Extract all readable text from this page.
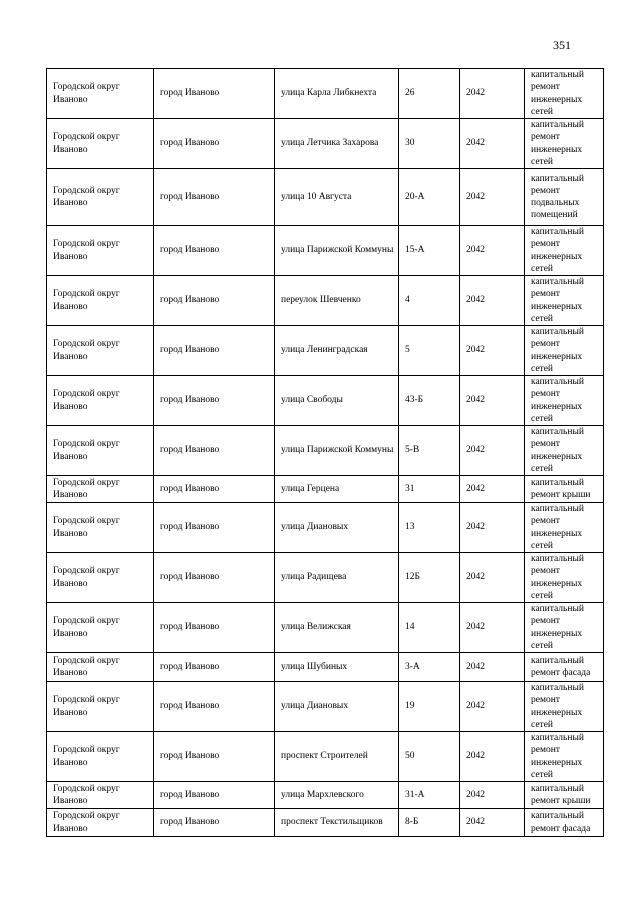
351
Городской округ Иваново	город Иваново	улица Карла Либкнехта	26	2042	капитальный ремонт инженерных сетей
Городской округ Иваново	город Иваново	улица Летчика Захарова	30	2042	капитальный ремонт инженерных сетей
Городской округ Иваново	город Иваново	улица 10 Августа	20-А	2042	капитальный ремонт подвальных помещений
Городской округ Иваново	город Иваново	улица Парижской Коммуны	15-А	2042	капитальный ремонт инженерных сетей
Городской округ Иваново	город Иваново	переулок Шевченко	4	2042	капитальный ремонт инженерных сетей
Городской округ Иваново	город Иваново	улица Ленинградская	5	2042	капитальный ремонт инженерных сетей
Городской округ Иваново	город Иваново	улица Свободы	43-Б	2042	капитальный ремонт инженерных сетей
Городской округ Иваново	город Иваново	улица Парижской Коммуны	5-В	2042	капитальный ремонт инженерных сетей
Городской округ Иваново	город Иваново	улица Герцена	31	2042	капитальный ремонт крыши
Городской округ Иваново	город Иваново	улица Диановых	13	2042	капитальный ремонт инженерных сетей
Городской округ Иваново	город Иваново	улица Радищева	12Б	2042	капитальный ремонт инженерных сетей
Городской округ Иваново	город Иваново	улица Велижская	14	2042	капитальный ремонт инженерных сетей
Городской округ Иваново	город Иваново	улица Шубиных	3-А	2042	капитальный ремонт фасада
Городской округ Иваново	город Иваново	улица Диановых	19	2042	капитальный ремонт инженерных сетей
Городской округ Иваново	город Иваново	проспект Строителей	50	2042	капитальный ремонт инженерных сетей
Городской округ Иваново	город Иваново	улица Мархлевского	31-А	2042	капитальный ремонт крыши
Городской округ Иваново	город Иваново	проспект Текстильщиков	8-Б	2042	капитальный ремонт фасада
